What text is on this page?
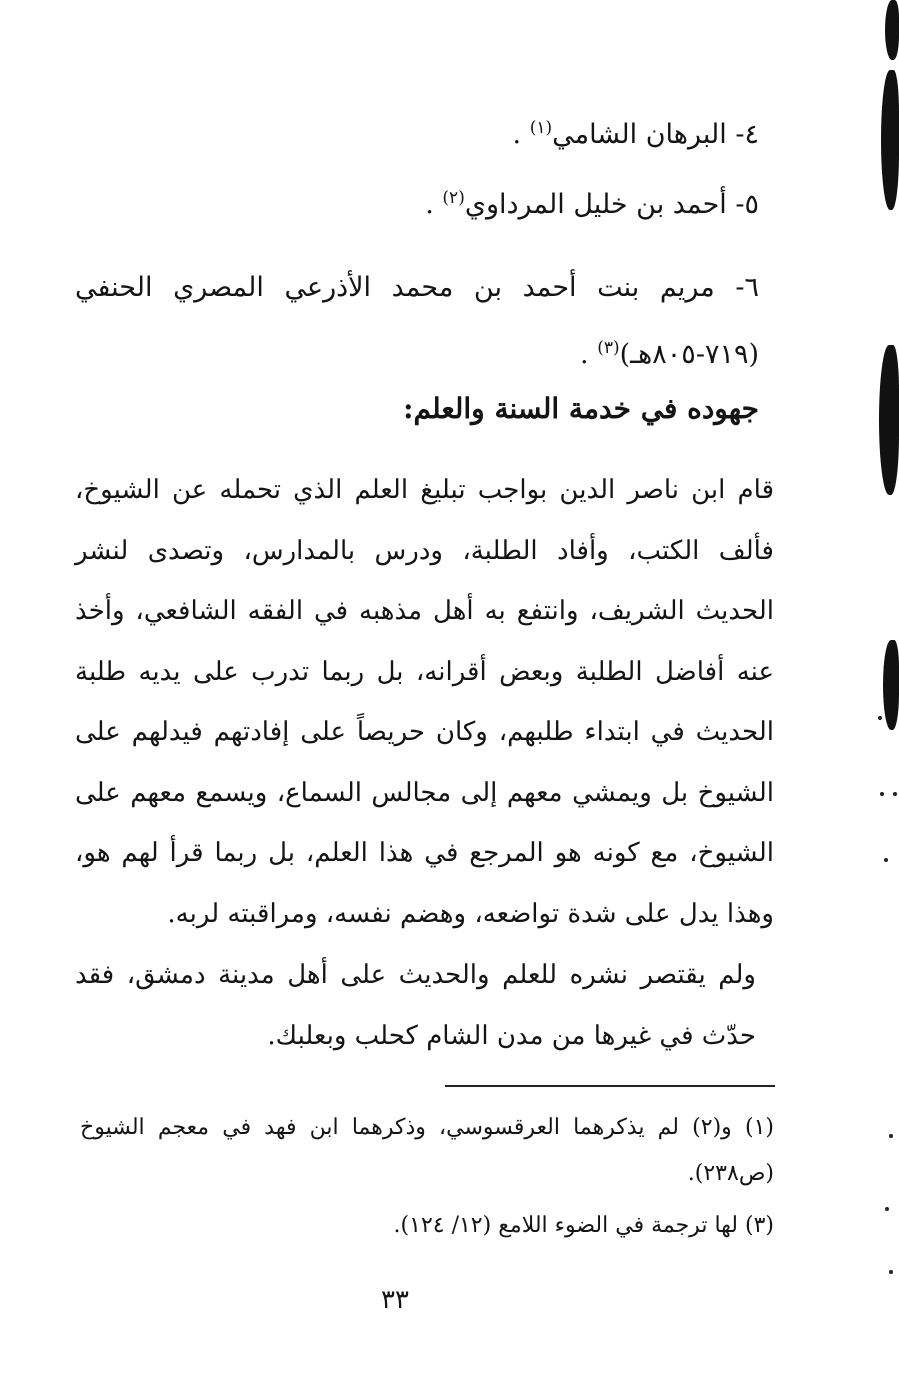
٤- البرهان الشامي$^{(١)}$ .
٥- أحمد بن خليل المرداوي$^{(٢)}$ .
٦- مريم بنت أحمد بن محمد الأذرعي المصري الحنفي
(٧١٩-٨٠٥هـ)$^{(٣)}$ .
جهوده في خدمة السنة والعلم:
قام ابن ناصر الدين بواجب تبليغ العلم الذي تحمله عن الشيوخ، فألف الكتب، وأفاد الطلبة، ودرس بالمدارس، وتصدى لنشر الحديث الشريف، وانتفع به أهل مذهبه في الفقه الشافعي، وأخذ عنه أفاضل الطلبة وبعض أقرانه، بل ربما تدرب على يديه طلبة الحديث في ابتداء طلبهم، وكان حريصاً على إفادتهم فيدلهم على الشيوخ بل ويمشي معهم إلى مجالس السماع، ويسمع معهم على الشيوخ، مع كونه هو المرجع في هذا العلم، بل ربما قرأ لهم هو، وهذا يدل على شدة تواضعه، وهضم نفسه، ومراقبته لربه.
ولم يقتصر نشره للعلم والحديث على أهل مدينة دمشق، فقد حدّث في غيرها من مدن الشام كحلب وبعلبك.
(١) و(٢) لم يذكرهما العرقسوسي، وذكرهما ابن فهد في معجم الشيوخ (ص٢٣٨).
(٣) لها ترجمة في الضوء اللامع (١٢/ ١٢٤).
٣٣
